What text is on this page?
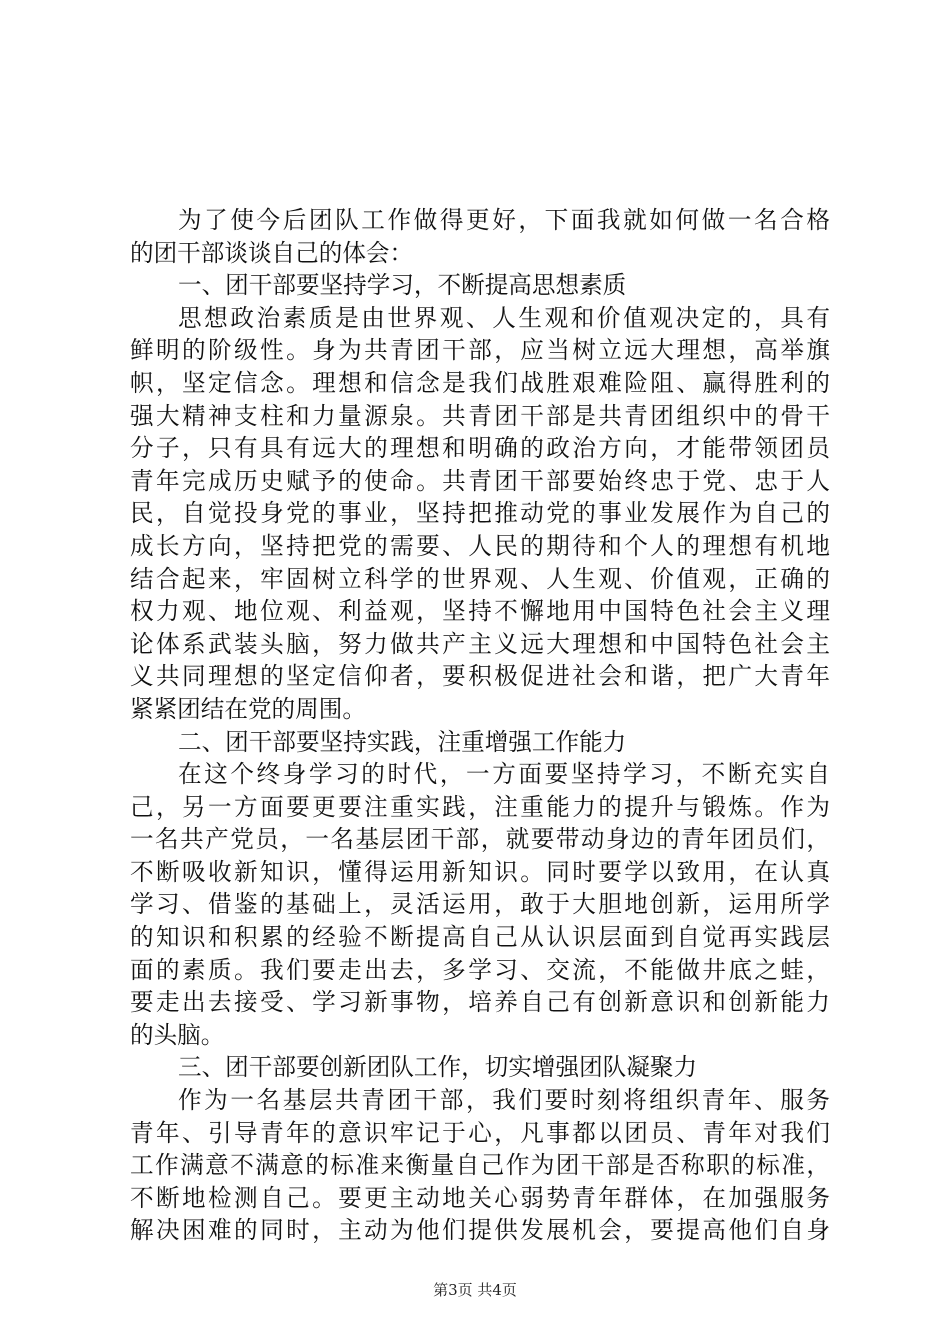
为了使今后团队工作做得更好，下面我就如何做一名合格
的团干部谈谈自己的体会：
一、团干部要坚持学习，不断提高思想素质
思想政治素质是由世界观、人生观和价值观决定的，具有
鲜明的阶级性。身为共青团干部，应当树立远大理想，高举旗
帜，坚定信念。理想和信念是我们战胜艰难险阻、赢得胜利的
强大精神支柱和力量源泉。共青团干部是共青团组织中的骨干
分子，只有具有远大的理想和明确的政治方向，才能带领团员
青年完成历史赋予的使命。共青团干部要始终忠于党、忠于人
民，自觉投身党的事业，坚持把推动党的事业发展作为自己的
成长方向，坚持把党的需要、人民的期待和个人的理想有机地
结合起来，牢固树立科学的世界观、人生观、价值观，正确的
权力观、地位观、利益观，坚持不懈地用中国特色社会主义理
论体系武装头脑，努力做共产主义远大理想和中国特色社会主
义共同理想的坚定信仰者，要积极促进社会和谐，把广大青年
紧紧团结在党的周围。
二、团干部要坚持实践，注重增强工作能力
在这个终身学习的时代，一方面要坚持学习，不断充实自
己，另一方面要更要注重实践，注重能力的提升与锻炼。作为
一名共产党员，一名基层团干部，就要带动身边的青年团员们，
不断吸收新知识，懂得运用新知识。同时要学以致用，在认真
学习、借鉴的基础上，灵活运用，敢于大胆地创新，运用所学
的知识和积累的经验不断提高自己从认识层面到自觉再实践层
面的素质。我们要走出去，多学习、交流，不能做井底之蛙，
要走出去接受、学习新事物，培养自己有创新意识和创新能力
的头脑。
三、团干部要创新团队工作，切实增强团队凝聚力
作为一名基层共青团干部，我们要时刻将组织青年、服务
青年、引导青年的意识牢记于心，凡事都以团员、青年对我们
工作满意不满意的标准来衡量自己作为团干部是否称职的标准，
不断地检测自己。要更主动地关心弱势青年群体，在加强服务
解决困难的同时，主动为他们提供发展机会，要提高他们自身
第3页 共4页
